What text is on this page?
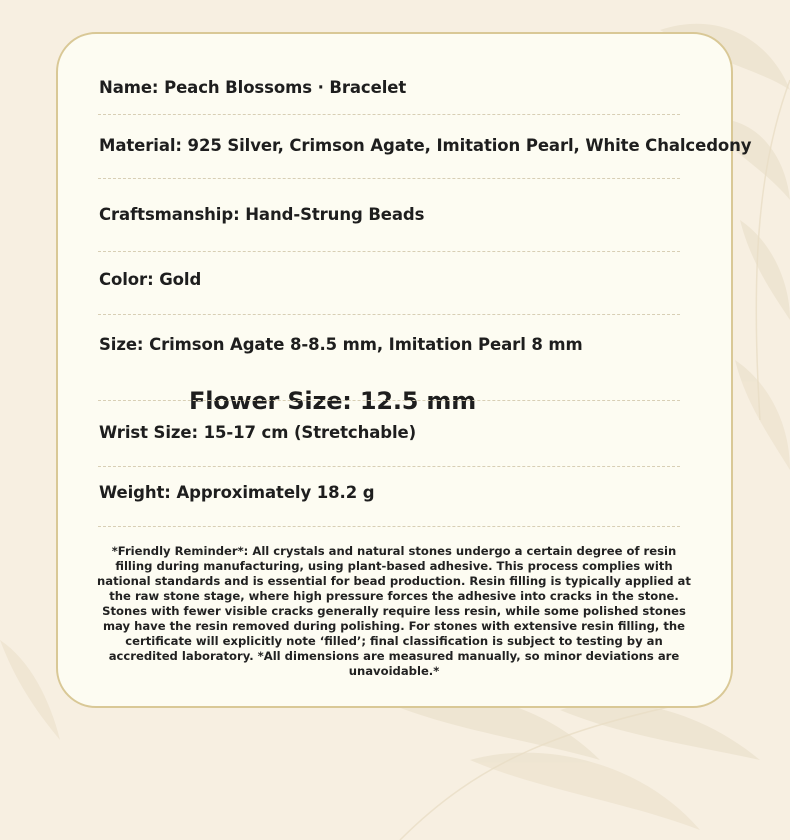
Name: Peach Blossoms · Bracelet

Material: 925 Silver, Crimson Agate, Imitation Pearl, White Chalcedony

Craftsmanship: Hand-Strung Beads

Color: Gold

Size: Crimson Agate 8-8.5 mm, Imitation Pearl 8 mm

Flower Size: 12.5 mm

Wrist Size: 15-17 cm (Stretchable)

Weight: Approximately 18.2 g

*Friendly Reminder*: All crystals and natural stones undergo a certain degree of resin filling during manufacturing, using plant-based adhesive. This process complies with national standards and is essential for bead production. Resin filling is typically applied at the raw stone stage, where high pressure forces the adhesive into cracks in the stone. Stones with fewer visible cracks generally require less resin, while some polished stones may have the resin removed during polishing. For stones with extensive resin filling, the certificate will explicitly note ‘filled’; final classification is subject to testing by an accredited laboratory. *All dimensions are measured manually, so minor deviations are unavoidable.*
